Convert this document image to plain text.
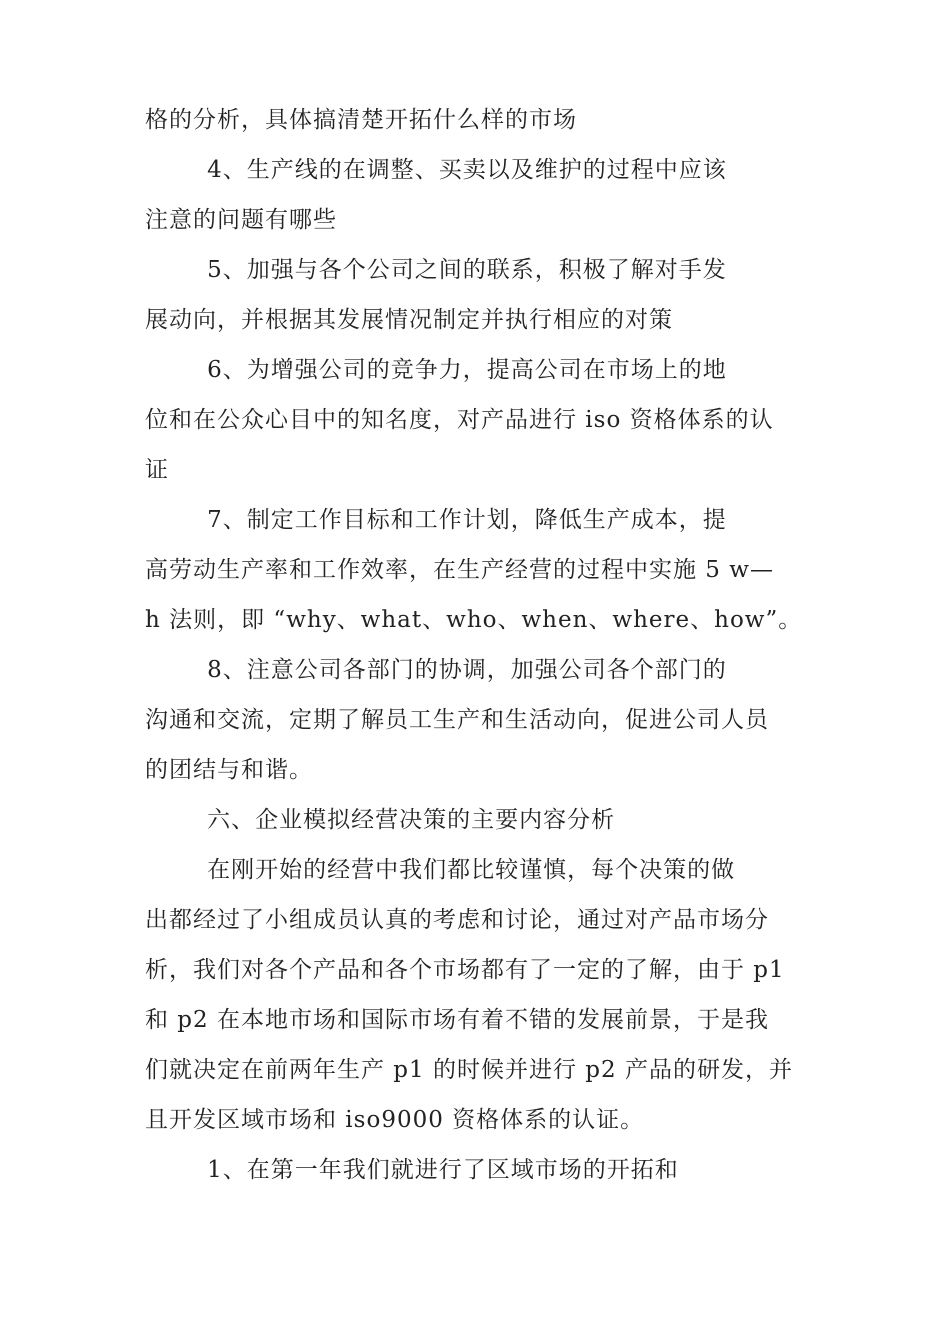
格的分析，具体搞清楚开拓什么样的市场

4、生产线的在调整、买卖以及维护的过程中应该
注意的问题有哪些

5、加强与各个公司之间的联系，积极了解对手发
展动向，并根据其发展情况制定并执行相应的对策

6、为增强公司的竞争力，提高公司在市场上的地
位和在公众心目中的知名度，对产品进行 iso 资格体系的认
证

7、制定工作目标和工作计划，降低生产成本，提
高劳动生产率和工作效率，在生产经营的过程中实施 5 w—
h 法则，即 “why、what、who、when、where、how”。

8、注意公司各部门的协调，加强公司各个部门的
沟通和交流，定期了解员工生产和生活动向，促进公司人员
的团结与和谐。

六、企业模拟经营决策的主要内容分析

在刚开始的经营中我们都比较谨慎，每个决策的做
出都经过了小组成员认真的考虑和讨论，通过对产品市场分
析，我们对各个产品和各个市场都有了一定的了解，由于 p1
和 p2 在本地市场和国际市场有着不错的发展前景，于是我
们就决定在前两年生产 p1 的时候并进行 p2 产品的研发，并
且开发区域市场和 iso9000 资格体系的认证。

1、在第一年我们就进行了区域市场的开拓和
